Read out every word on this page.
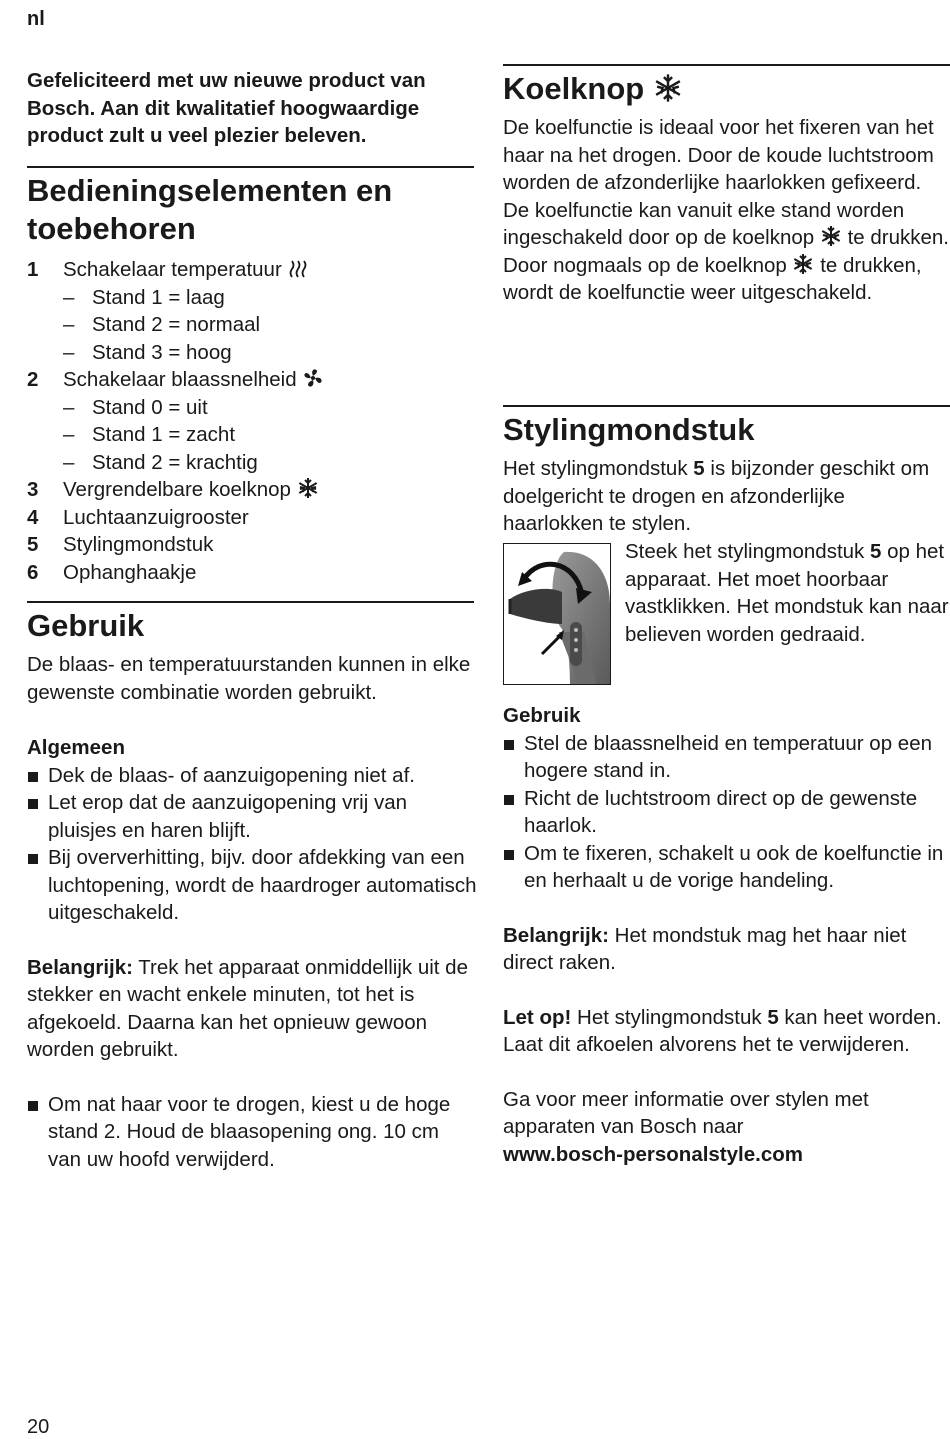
nl
20
Gefeliciteerd met uw nieuwe product van Bosch. Aan dit kwalitatief hoogwaardige product zult u veel plezier beleven.
Bedieningselementen en toebehoren
1	Schakelaar temperatuur
– Stand 1 = laag
– Stand 2 = normaal
– Stand 3 = hoog
2	Schakelaar blaassnelheid
– Stand 0 = uit
– Stand 1 = zacht
– Stand 2 = krachtig
3	Vergrendelbare koelknop
4	Luchtaanzuigrooster
5	Stylingmondstuk
6	Ophanghaakje
Gebruik
De blaas- en temperatuurstanden kunnen in elke gewenste combinatie worden gebruikt.
Algemeen
Dek de blaas- of aanzuigopening niet af.
Let erop dat de aanzuigopening vrij van pluisjes en haren blijft.
Bij oververhitting, bijv. door afdekking van een luchtopening, wordt de haardroger automatisch uitgeschakeld.
Belangrijk: Trek het apparaat onmiddellijk uit de stekker en wacht enkele minuten, tot het is afgekoeld. Daarna kan het opnieuw gewoon worden gebruikt.
Om nat haar voor te drogen, kiest u de hoge stand 2. Houd de blaasopening ong. 10 cm van uw hoofd verwijderd.
Koelknop
De koelfunctie is ideaal voor het fixeren van het haar na het drogen. Door de koude luchtstroom worden de afzonderlijke haarlokken gefixeerd.
De koelfunctie kan vanuit elke stand worden ingeschakeld door op de koelknop te drukken.
Door nogmaals op de koelknop te drukken, wordt de koelfunctie weer uitgeschakeld.
Stylingmondstuk
Het stylingmondstuk 5 is bijzonder geschikt om doelgericht te drogen en afzonderlijke haarlokken te stylen.
Steek het stylingmondstuk 5 op het apparaat. Het moet hoorbaar vastklikken. Het mondstuk kan naar believen worden gedraaid.
Gebruik
Stel de blaassnelheid en temperatuur op een hogere stand in.
Richt de luchtstroom direct op de gewenste haarlok.
Om te fixeren, schakelt u ook de koelfunctie in en herhaalt u de vorige handeling.
Belangrijk: Het mondstuk mag het haar niet direct raken.
Let op! Het stylingmondstuk 5 kan heet worden. Laat dit afkoelen alvorens het te verwijderen.
Ga voor meer informatie over stylen met apparaten van Bosch naar
www.bosch-personalstyle.com
